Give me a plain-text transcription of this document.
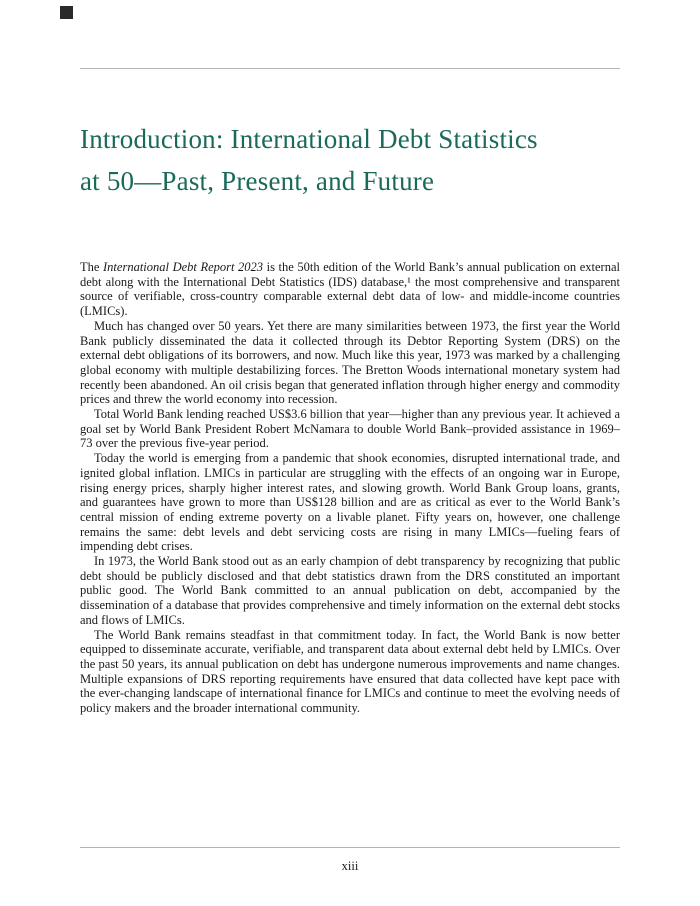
Introduction: International Debt Statistics
at 50—Past, Present, and Future

The International Debt Report 2023 is the 50th edition of the World Bank’s annual publication on external debt along with the International Debt Statistics (IDS) database,¹ the most comprehensive and transparent source of verifiable, cross-country comparable external debt data of low- and middle-income countries (LMICs).

Much has changed over 50 years. Yet there are many similarities between 1973, the first year the World Bank publicly disseminated the data it collected through its Debtor Reporting System (DRS) on the external debt obligations of its borrowers, and now. Much like this year, 1973 was marked by a challenging global economy with multiple destabilizing forces. The Bretton Woods international monetary system had recently been abandoned. An oil crisis began that generated inflation through higher energy and commodity prices and threw the world economy into recession.

Total World Bank lending reached US$3.6 billion that year—higher than any previous year. It achieved a goal set by World Bank President Robert McNamara to double World Bank–provided assistance in 1969–73 over the previous five-year period.

Today the world is emerging from a pandemic that shook economies, disrupted international trade, and ignited global inflation. LMICs in particular are struggling with the effects of an ongoing war in Europe, rising energy prices, sharply higher interest rates, and slowing growth. World Bank Group loans, grants, and guarantees have grown to more than US$128 billion and are as critical as ever to the World Bank’s central mission of ending extreme poverty on a livable planet. Fifty years on, however, one challenge remains the same: debt levels and debt servicing costs are rising in many LMICs—fueling fears of impending debt crises.

In 1973, the World Bank stood out as an early champion of debt transparency by recognizing that public debt should be publicly disclosed and that debt statistics drawn from the DRS constituted an important public good. The World Bank committed to an annual publication on debt, accompanied by the dissemination of a database that provides comprehensive and timely information on the external debt stocks and flows of LMICs.

The World Bank remains steadfast in that commitment today. In fact, the World Bank is now better equipped to disseminate accurate, verifiable, and transparent data about external debt held by LMICs. Over the past 50 years, its annual publication on debt has undergone numerous improvements and name changes. Multiple expansions of DRS reporting requirements have ensured that data collected have kept pace with the ever-changing landscape of international finance for LMICs and continue to meet the evolving needs of policy makers and the broader international community.

xiii
